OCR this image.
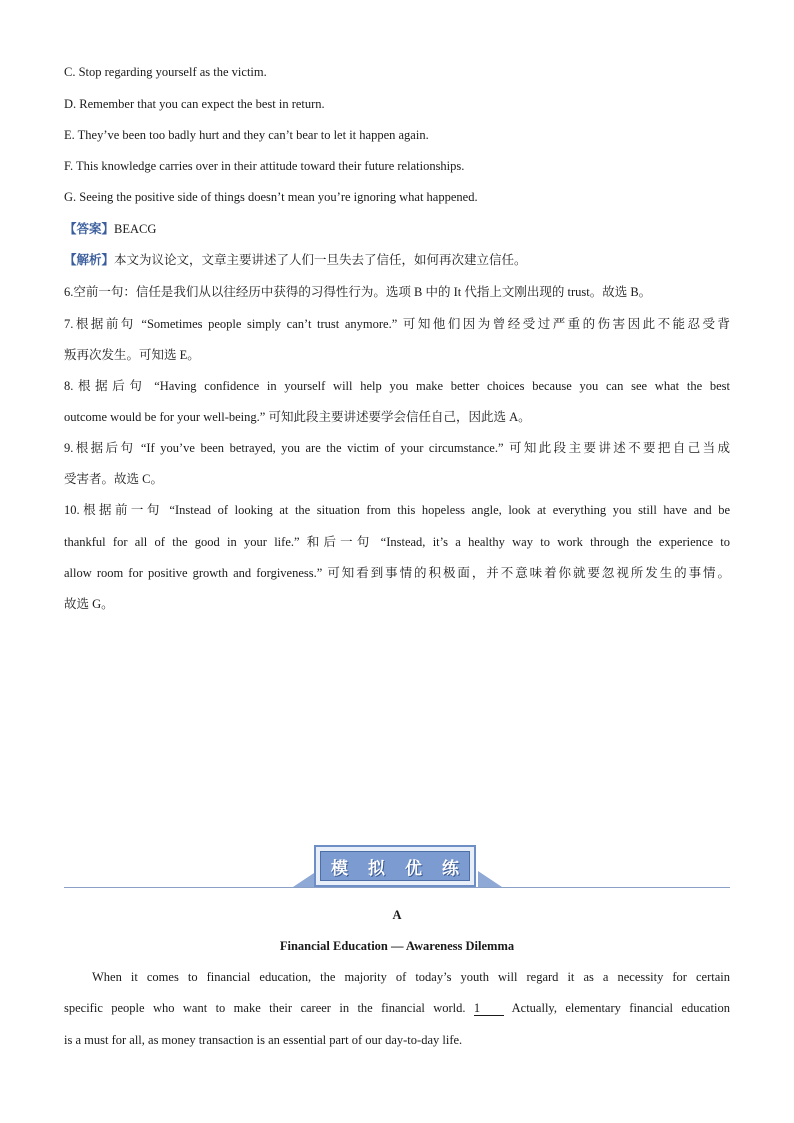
C. Stop regarding yourself as the victim.
D. Remember that you can expect the best in return.
E. They’ve been too badly hurt and they can’t bear to let it happen again.
F. This knowledge carries over in their attitude toward their future relationships.
G. Seeing the positive side of things doesn’t mean you’re ignoring what happened.
【答案】BEACG
【解析】本文为议论文，文章主要讲述了人们一旦失去了信任，如何再次建立信任。
6.空前一句：信任是我们从以往经历中获得的习得性行为。选项 B 中的 It 代指上文刚出现的 trust。故选 B。
7.根据前句 “Sometimes people simply can’t trust anymore.” 可知他们因为曾经受过严重的伤害因此不能忍受背
叛再次发生。可知选 E。
8.根据后句 “Having confidence in yourself will help you make better choices because you can see what the best
outcome would be for your well-being.” 可知此段主要讲述要学会信任自己，因此选 A。
9.根据后句 “If you’ve been betrayed, you are the victim of your circumstance.” 可知此段主要讲述不要把自己当成
受害者。故选 C。
10.根据前一句 “Instead of looking at the situation from this hopeless angle, look at everything you still have and be
thankful for all of the good in your life.” 和后一句 “Instead, it’s a healthy way to work through the experience to
allow room for positive growth and forgiveness.” 可知看到事情的积极面，并不意味着你就要忽视所发生的事情。
故选 G。
模 拟 优 练
A
Financial Education — Awareness Dilemma
When it comes to financial education, the majority of today’s youth will regard it as a necessity for certain
specific people who want to make their career in the financial world. 1	Actually, elementary financial education
is a must for all, as money transaction is an essential part of our day-to-day life.
